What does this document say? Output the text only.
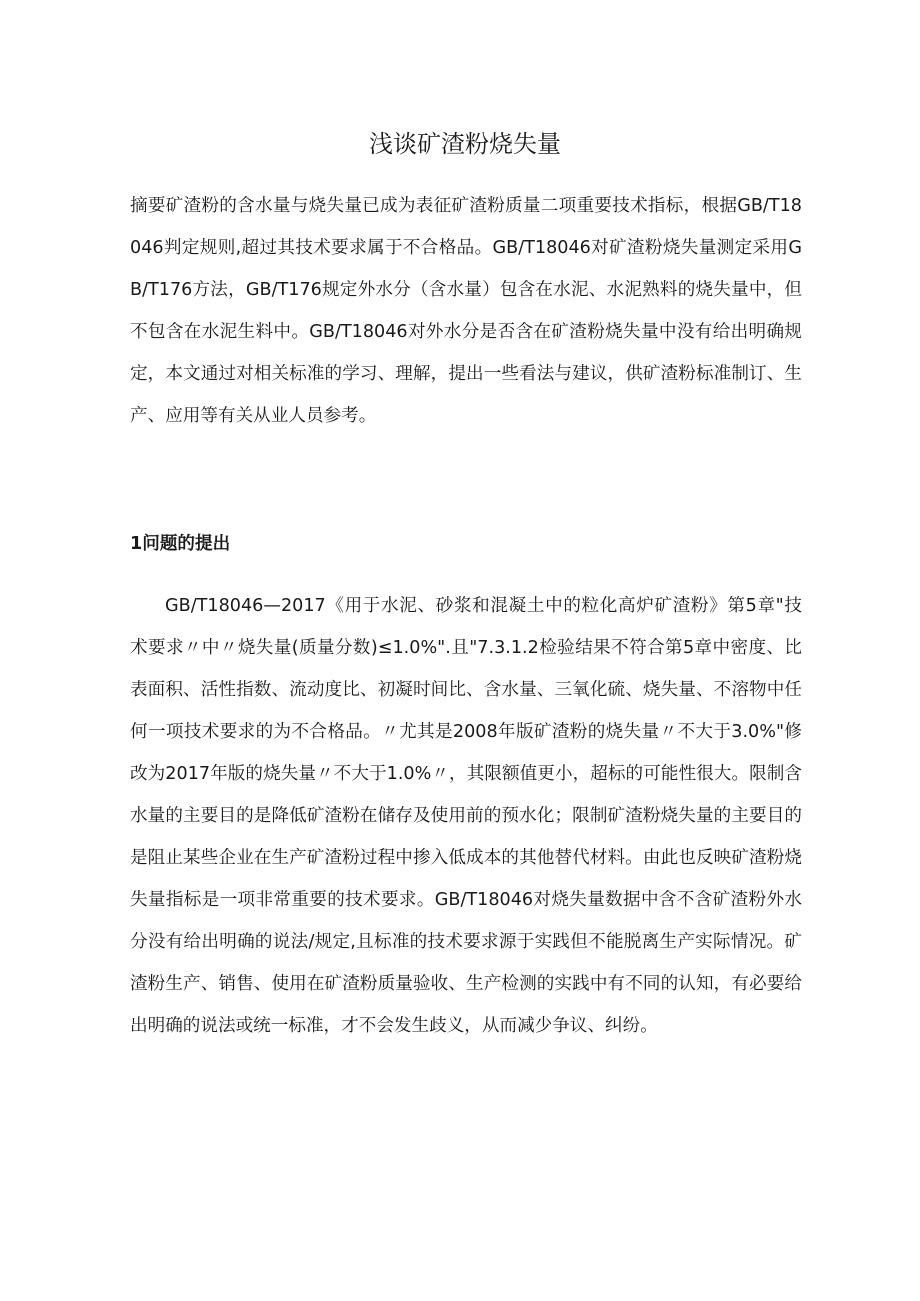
浅谈矿渣粉烧失量

摘要矿渣粉的含水量与烧失量已成为表征矿渣粉质量二项重要技术指标，根据GB/T18046判定规则,超过其技术要求属于不合格品。GB/T18046对矿渣粉烧失量测定采用GB/T176方法，GB/T176规定外水分（含水量）包含在水泥、水泥熟料的烧失量中，但不包含在水泥生料中。GB/T18046对外水分是否含在矿渣粉烧失量中没有给出明确规定，本文通过对相关标准的学习、理解，提出一些看法与建议，供矿渣粉标准制订、生产、应用等有关从业人员参考。

1问题的提出

GB/T18046—2017《用于水泥、砂浆和混凝土中的粒化高炉矿渣粉》第5章"技术要求〃中〃烧失量(质量分数)≤1.0%".且"7.3.1.2检验结果不符合第5章中密度、比表面积、活性指数、流动度比、初凝时间比、含水量、三氧化硫、烧失量、不溶物中任何一项技术要求的为不合格品。〃尤其是2008年版矿渣粉的烧失量〃不大于3.0%"修改为2017年版的烧失量〃不大于1.0%〃，其限额值更小，超标的可能性很大。限制含水量的主要目的是降低矿渣粉在储存及使用前的预水化；限制矿渣粉烧失量的主要目的是阻止某些企业在生产矿渣粉过程中掺入低成本的其他替代材料。由此也反映矿渣粉烧失量指标是一项非常重要的技术要求。GB/T18046对烧失量数据中含不含矿渣粉外水分没有给出明确的说法/规定,且标准的技术要求源于实践但不能脱离生产实际情况。矿渣粉生产、销售、使用在矿渣粉质量验收、生产检测的实践中有不同的认知，有必要给出明确的说法或统一标准，才不会发生歧义，从而减少争议、纠纷。
